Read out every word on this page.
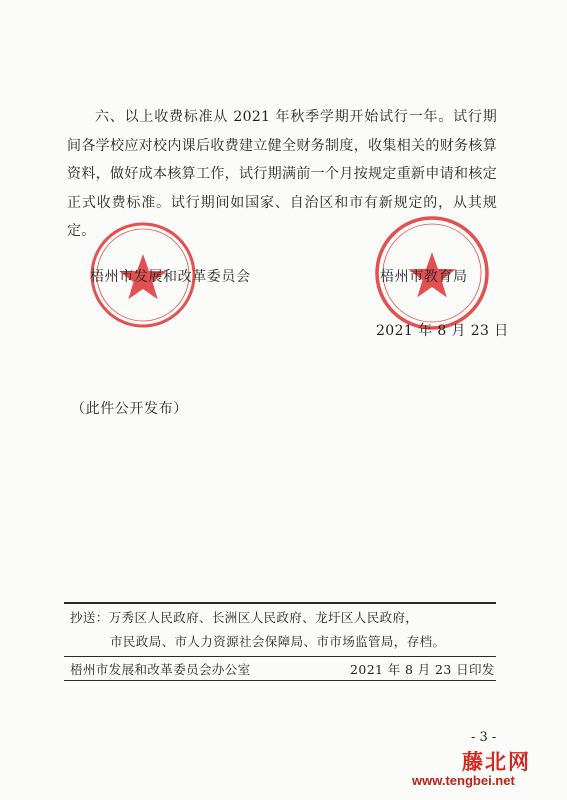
六、以上收费标准从 2021 年秋季学期开始试行一年。试行期间各学校应对校内课后收费建立健全财务制度，收集相关的财务核算资料，做好成本核算工作，试行期满前一个月按规定重新申请和核定正式收费标准。试行期间如国家、自治区和市有新规定的，从其规定。

梧州市发展和改革委员会	梧州市教育局
2021 年 8 月 23 日
（此件公开发布）
抄送：万秀区人民政府、长洲区人民政府、龙圩区人民政府，
市民政局、市人力资源社会保障局、市市场监管局，存档。
梧州市发展和改革委员会办公室	2021 年 8 月 23 日印发
- 3 -
藤北网
www.tengbei.net
